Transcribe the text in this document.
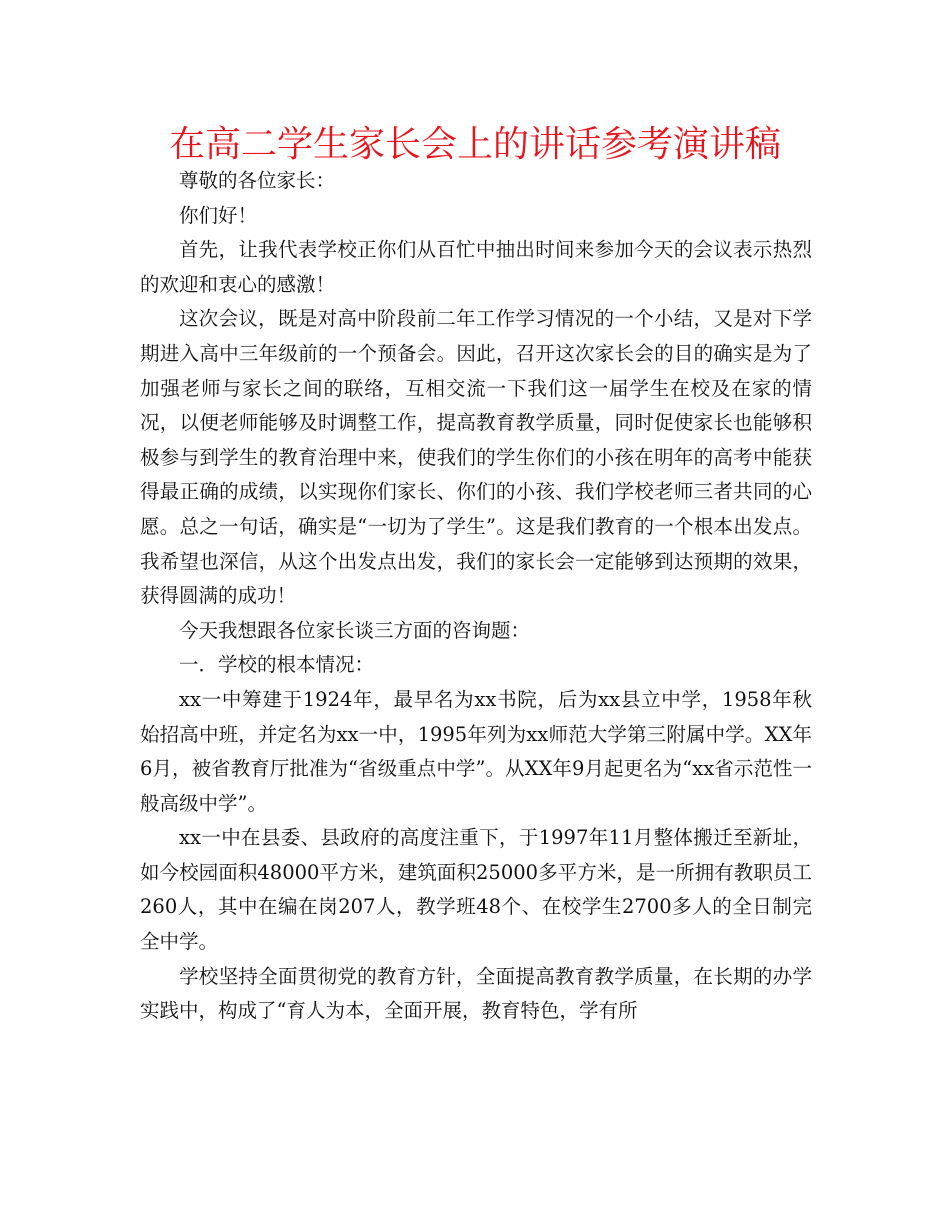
在高二学生家长会上的讲话参考演讲稿

尊敬的各位家长：

你们好！

首先，让我代表学校正你们从百忙中抽出时间来参加今天的会议表示热烈的欢迎和衷心的感激！

这次会议，既是对高中阶段前二年工作学习情况的一个小结，又是对下学期进入高中三年级前的一个预备会。因此，召开这次家长会的目的确实是为了加强老师与家长之间的联络，互相交流一下我们这一届学生在校及在家的情况，以便老师能够及时调整工作，提高教育教学质量，同时促使家长也能够积极参与到学生的教育治理中来，使我们的学生你们的小孩在明年的高考中能获得最正确的成绩，以实现你们家长、你们的小孩、我们学校老师三者共同的心愿。总之一句话，确实是“一切为了学生”。这是我们教育的一个根本出发点。我希望也深信，从这个出发点出发，我们的家长会一定能够到达预期的效果，获得圆满的成功！

今天我想跟各位家长谈三方面的咨询题：

一．学校的根本情况：

xx一中筹建于1924年，最早名为xx书院，后为xx县立中学，1958年秋始招高中班，并定名为xx一中，1995年列为xx师范大学第三附属中学。XX年6月，被省教育厅批准为“省级重点中学”。从XX年9月起更名为“xx省示范性一般高级中学”。

xx一中在县委、县政府的高度注重下，于1997年11月整体搬迁至新址，如今校园面积48000平方米，建筑面积25000多平方米，是一所拥有教职员工260人，其中在编在岗207人，教学班48个、在校学生2700多人的全日制完全中学。

学校坚持全面贯彻党的教育方针，全面提高教育教学质量，在长期的办学实践中，构成了“育人为本，全面开展，教育特色，学有所
